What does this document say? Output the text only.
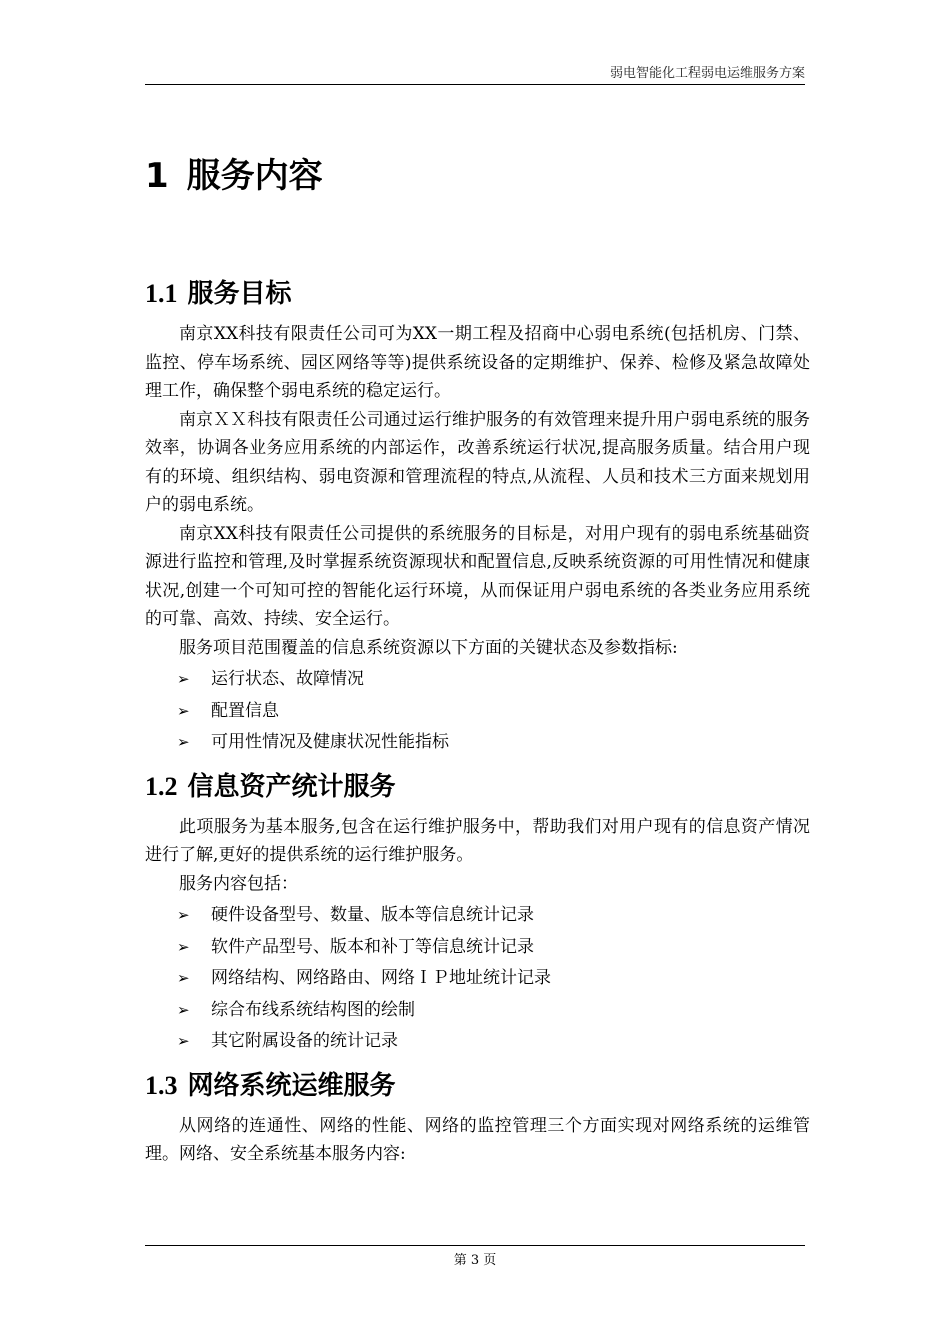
弱电智能化工程弱电运维服务方案
1 服务内容
1.1 服务目标

南京XX科技有限责任公司可为XX一期工程及招商中心弱电系统(包括机房、门禁、监控、停车场系统、园区网络等等)提供系统设备的定期维护、保养、检修及紧急故障处理工作，确保整个弱电系统的稳定运行。

南京ＸＸ科技有限责任公司通过运行维护服务的有效管理来提升用户弱电系统的服务效率，协调各业务应用系统的内部运作，改善系统运行状况,提高服务质量。结合用户现有的环境、组织结构、弱电资源和管理流程的特点,从流程、人员和技术三方面来规划用户的弱电系统。

南京XX科技有限责任公司提供的系统服务的目标是，对用户现有的弱电系统基础资源进行监控和管理,及时掌握系统资源现状和配置信息,反映系统资源的可用性情况和健康状况,创建一个可知可控的智能化运行环境，从而保证用户弱电系统的各类业务应用系统的可靠、高效、持续、安全运行。

服务项目范围覆盖的信息系统资源以下方面的关键状态及参数指标:

➢ 运行状态、故障情况
➢ 配置信息
➢ 可用性情况及健康状况性能指标
1.2 信息资产统计服务

此项服务为基本服务,包含在运行维护服务中，帮助我们对用户现有的信息资产情况进行了解,更好的提供系统的运行维护服务。

服务内容包括：

➢ 硬件设备型号、数量、版本等信息统计记录
➢ 软件产品型号、版本和补丁等信息统计记录
➢ 网络结构、网络路由、网络ＩＰ地址统计记录
➢ 综合布线系统结构图的绘制
➢ 其它附属设备的统计记录
1.3 网络系统运维服务

从网络的连通性、网络的性能、网络的监控管理三个方面实现对网络系统的运维管理。网络、安全系统基本服务内容:

第 3 页
